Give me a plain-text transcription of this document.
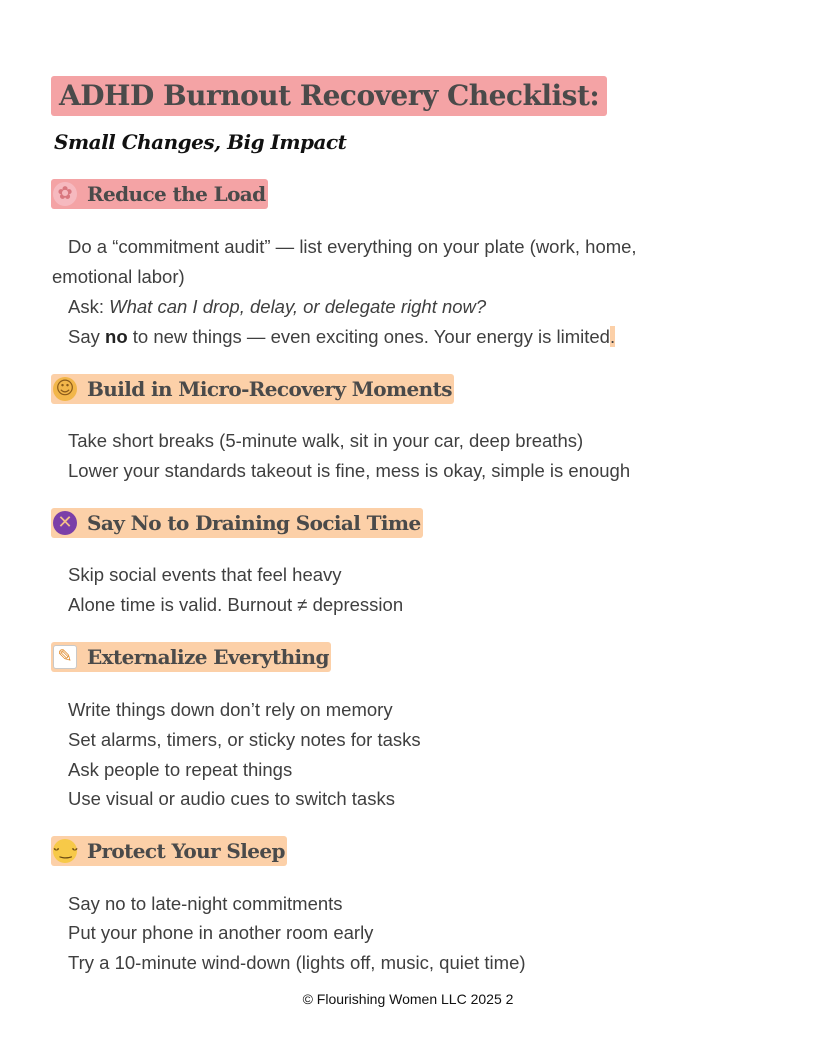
ADHD Burnout Recovery Checklist:
Small Changes, Big Impact
✿ Reduce the Load
Do a “commitment audit” — list everything on your plate (work, home,
emotional labor)
Ask: What can I drop, delay, or delegate right now?
Say no to new things — even exciting ones. Your energy is limited.
☺ Build in Micro-Recovery Moments
Take short breaks (5-minute walk, sit in your car, deep breaths)
Lower your standards takeout is fine, mess is okay, simple is enough
✕ Say No to Draining Social Time
Skip social events that feel heavy
Alone time is valid. Burnout ≠ depression
✎ Externalize Everything
Write things down don’t rely on memory
Set alarms, timers, or sticky notes for tasks
Ask people to repeat things
Use visual or audio cues to switch tasks
ᵕ‿ᵕ Protect Your Sleep
Say no to late-night commitments
Put your phone in another room early
Try a 10-minute wind-down (lights off, music, quiet time)
© Flourishing Women LLC 2025 2
